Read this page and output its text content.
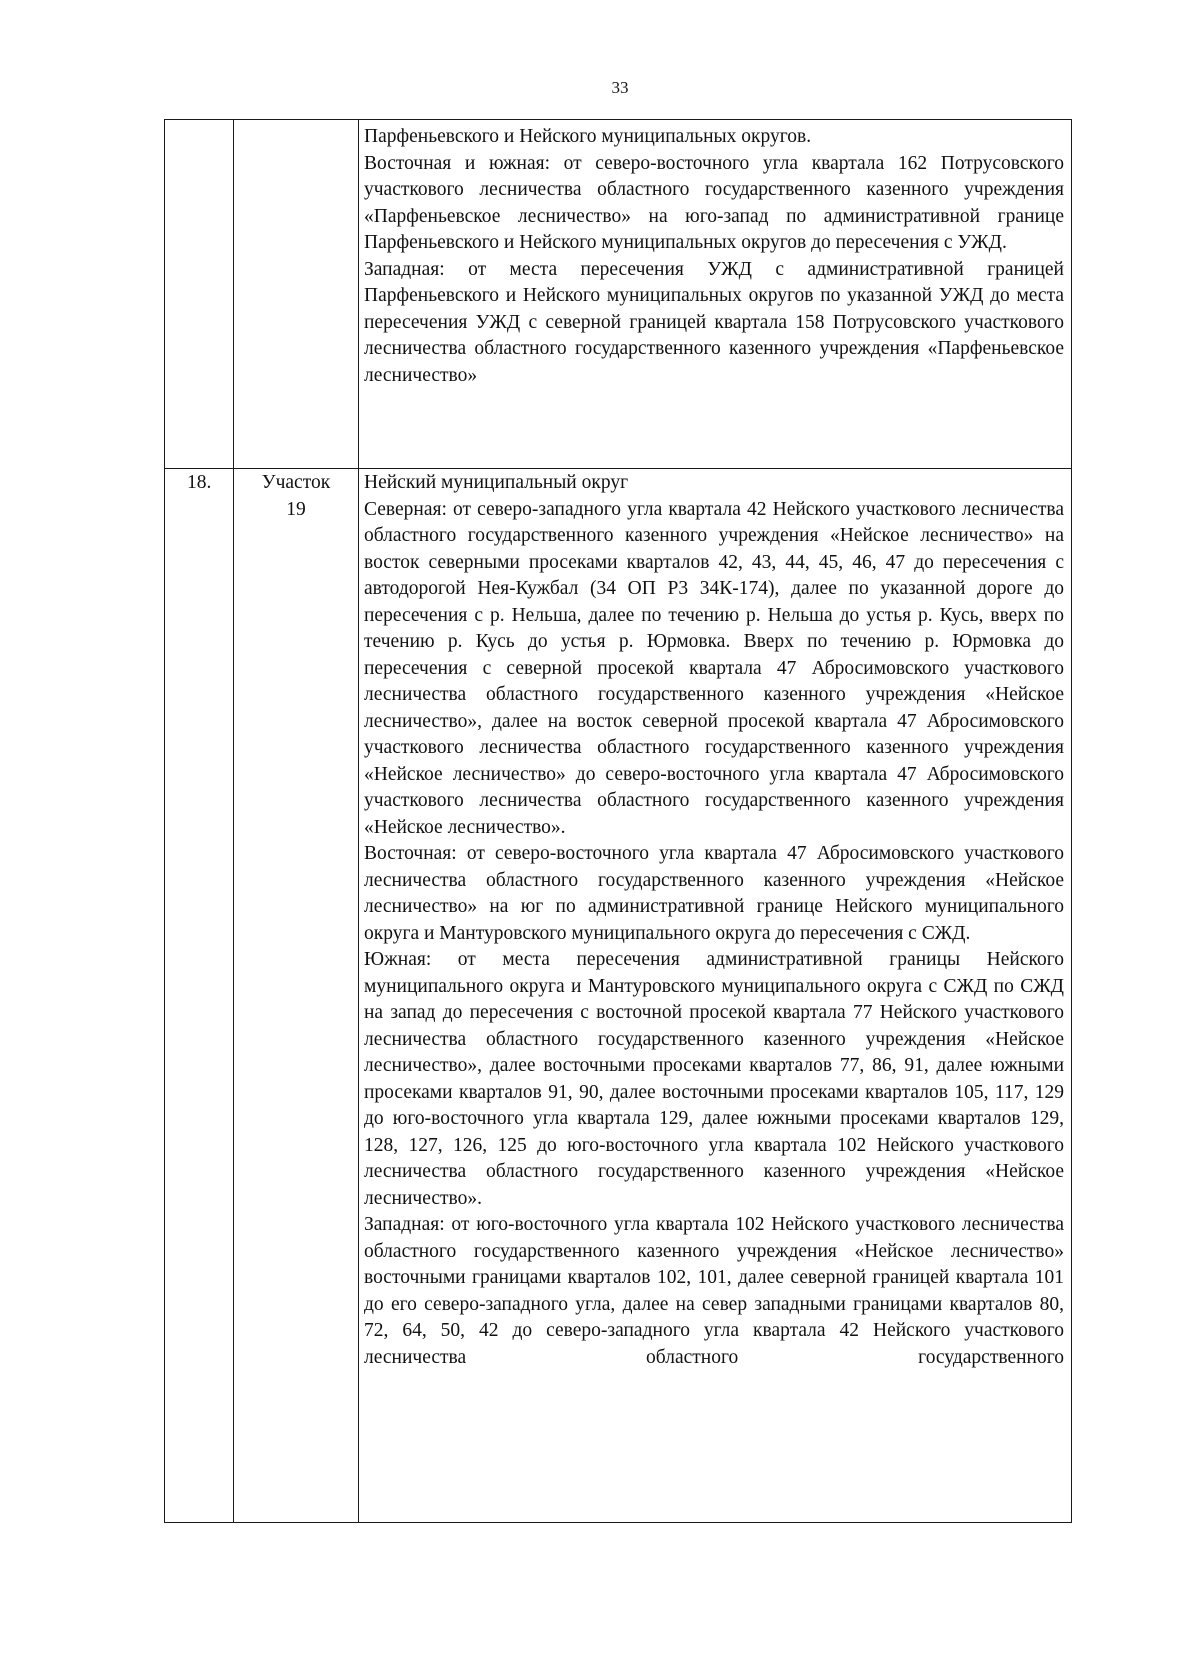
33

Парфеньевского и Нейского муниципальных округов.

Восточная и южная: от северо-восточного угла квартала 162 Потрусовского участкового лесничества областного государственного казенного учреждения «Парфеньевское лесничество» на юго-запад по административной границе Парфеньевского и Нейского муниципальных округов до пересечения с УЖД.

Западная: от места пересечения УЖД с административной границей Парфеньевского и Нейского муниципальных округов по указанной УЖД до места пересечения УЖД с северной границей квартала 158 Потрусовского участкового лесничества областного государственного казенного учреждения «Парфеньевское лесничество»

18.	Участок
19

Нейский муниципальный округ

Северная: от северо-западного угла квартала 42 Нейского участкового лесничества областного государственного казенного учреждения «Нейское лесничество» на восток северными просеками кварталов 42, 43, 44, 45, 46, 47 до пересечения с автодорогой Нея-Кужбал (34 ОП Р3 34К-174), далее по указанной дороге до пересечения с р. Нельша, далее по течению р. Нельша до устья р. Кусь, вверх по течению р. Кусь до устья р. Юрмовка. Вверх по течению р. Юрмовка до пересечения с северной просекой квартала 47 Абросимовского участкового лесничества областного государственного казенного учреждения «Нейское лесничество», далее на восток северной просекой квартала 47 Абросимовского участкового лесничества областного государственного казенного учреждения «Нейское лесничество» до северо-восточного угла квартала 47 Абросимовского участкового лесничества областного государственного казенного учреждения «Нейское лесничество».

Восточная: от северо-восточного угла квартала 47 Абросимовского участкового лесничества областного государственного казенного учреждения «Нейское лесничество» на юг по административной границе Нейского муниципального округа и Мантуровского муниципального округа до пересечения с СЖД.

Южная: от места пересечения административной границы Нейского муниципального округа и Мантуровского муниципального округа с СЖД по СЖД на запад до пересечения с восточной просекой квартала 77 Нейского участкового лесничества областного государственного казенного учреждения «Нейское лесничество», далее восточными просеками кварталов 77, 86, 91, далее южными просеками кварталов 91, 90, далее восточными просеками кварталов 105, 117, 129 до юго-восточного угла квартала 129, далее южными просеками кварталов 129, 128, 127, 126, 125 до юго-восточного угла квартала 102 Нейского участкового лесничества областного государственного казенного учреждения «Нейское лесничество».

Западная: от юго-восточного угла квартала 102 Нейского участкового лесничества областного государственного казенного учреждения «Нейское лесничество» восточными границами кварталов 102, 101, далее северной границей квартала 101 до его северо-западного угла, далее на север западными границами кварталов 80, 72, 64, 50, 42 до северо-западного угла квартала 42 Нейского участкового лесничества областного государственного
